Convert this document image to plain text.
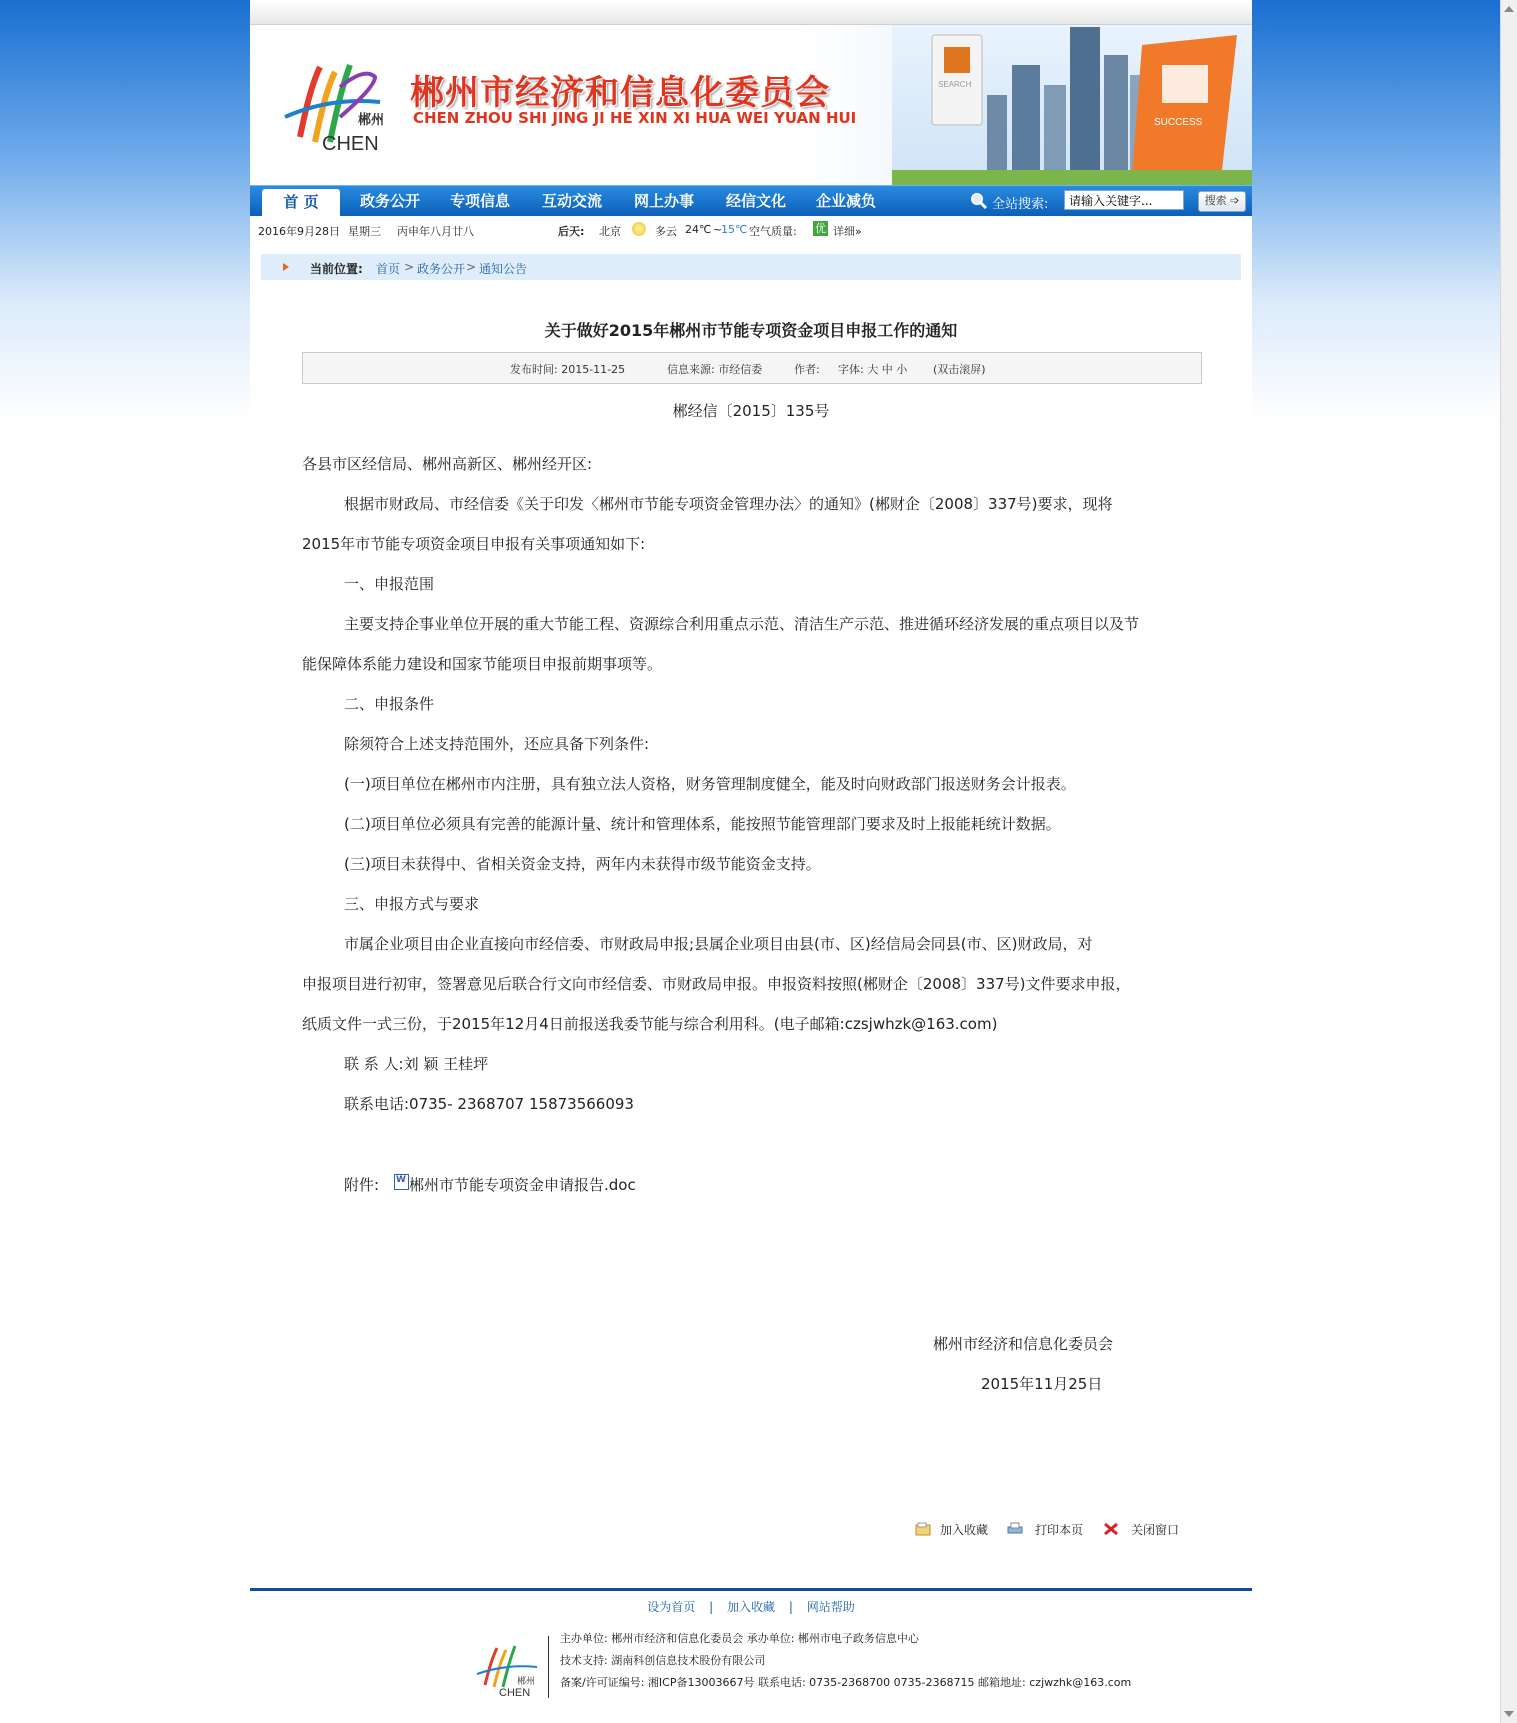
郴州
CHEN
郴州市经济和信息化委员会
CHEN ZHOU SHI JING JI HE XIN XI HUA WEI YUAN HUI
SEARCH
SUCCESS
首 页	政务公开	专项信息	互动交流	网上办事	经信文化	企业减负	全站搜索:
请输入关键字...	搜索 ➩
2016年9月28日 星期三 丙申年八月廿八	后天: 北京	多云 24℃ ~
15℃ 空气质量: 优 详细»
当前位置: 首页 > 政务公开 > 通知公告
关于做好2015年郴州市节能专项资金项目申报工作的通知
发布时间: 2015-11-25	信息来源: 市经信委	作者: 字体: 大 中 小 (双击滚屏)
郴经信〔2015〕135号
各县市区经信局、郴州高新区、郴州经开区:
根据市财政局、市经信委《关于印发〈郴州市节能专项资金管理办法〉的通知》(郴财企〔2008〕337号)要求，现将
2015年市节能专项资金项目申报有关事项通知如下:
一、申报范围
主要支持企事业单位开展的重大节能工程、资源综合利用重点示范、清洁生产示范、推进循环经济发展的重点项目以及节
能保障体系能力建设和国家节能项目申报前期事项等。
二、申报条件
除须符合上述支持范围外，还应具备下列条件:
(一)项目单位在郴州市内注册，具有独立法人资格，财务管理制度健全，能及时向财政部门报送财务会计报表。
(二)项目单位必须具有完善的能源计量、统计和管理体系，能按照节能管理部门要求及时上报能耗统计数据。
(三)项目未获得中、省相关资金支持，两年内未获得市级节能资金支持。
三、申报方式与要求
市属企业项目由企业直接向市经信委、市财政局申报;县属企业项目由县(市、区)经信局会同县(市、区)财政局，对
申报项目进行初审，签署意见后联合行文向市经信委、市财政局申报。申报资料按照(郴财企〔2008〕337号)文件要求申报，
纸质文件一式三份，于2015年12月4日前报送我委节能与综合利用科。(电子邮箱:czsjwhzk@163.com)
联 系 人:刘 颖 王桂坪
联系电话:0735- 2368707 15873566093
附件:
W 郴州市节能专项资金申请报告.doc
郴州市经济和信息化委员会
2015年11月25日
加入收藏	打印本页	关闭窗口
设为首页 | 加入收藏 | 网站帮助
郴州
CHEN
主办单位: 郴州市经济和信息化委员会 承办单位: 郴州市电子政务信息中心
技术支持: 湖南科创信息技术股份有限公司
备案/许可证编号: 湘ICP备13003667号 联系电话: 0735-2368700 0735-2368715 邮箱地址: czjwzhk@163.com
